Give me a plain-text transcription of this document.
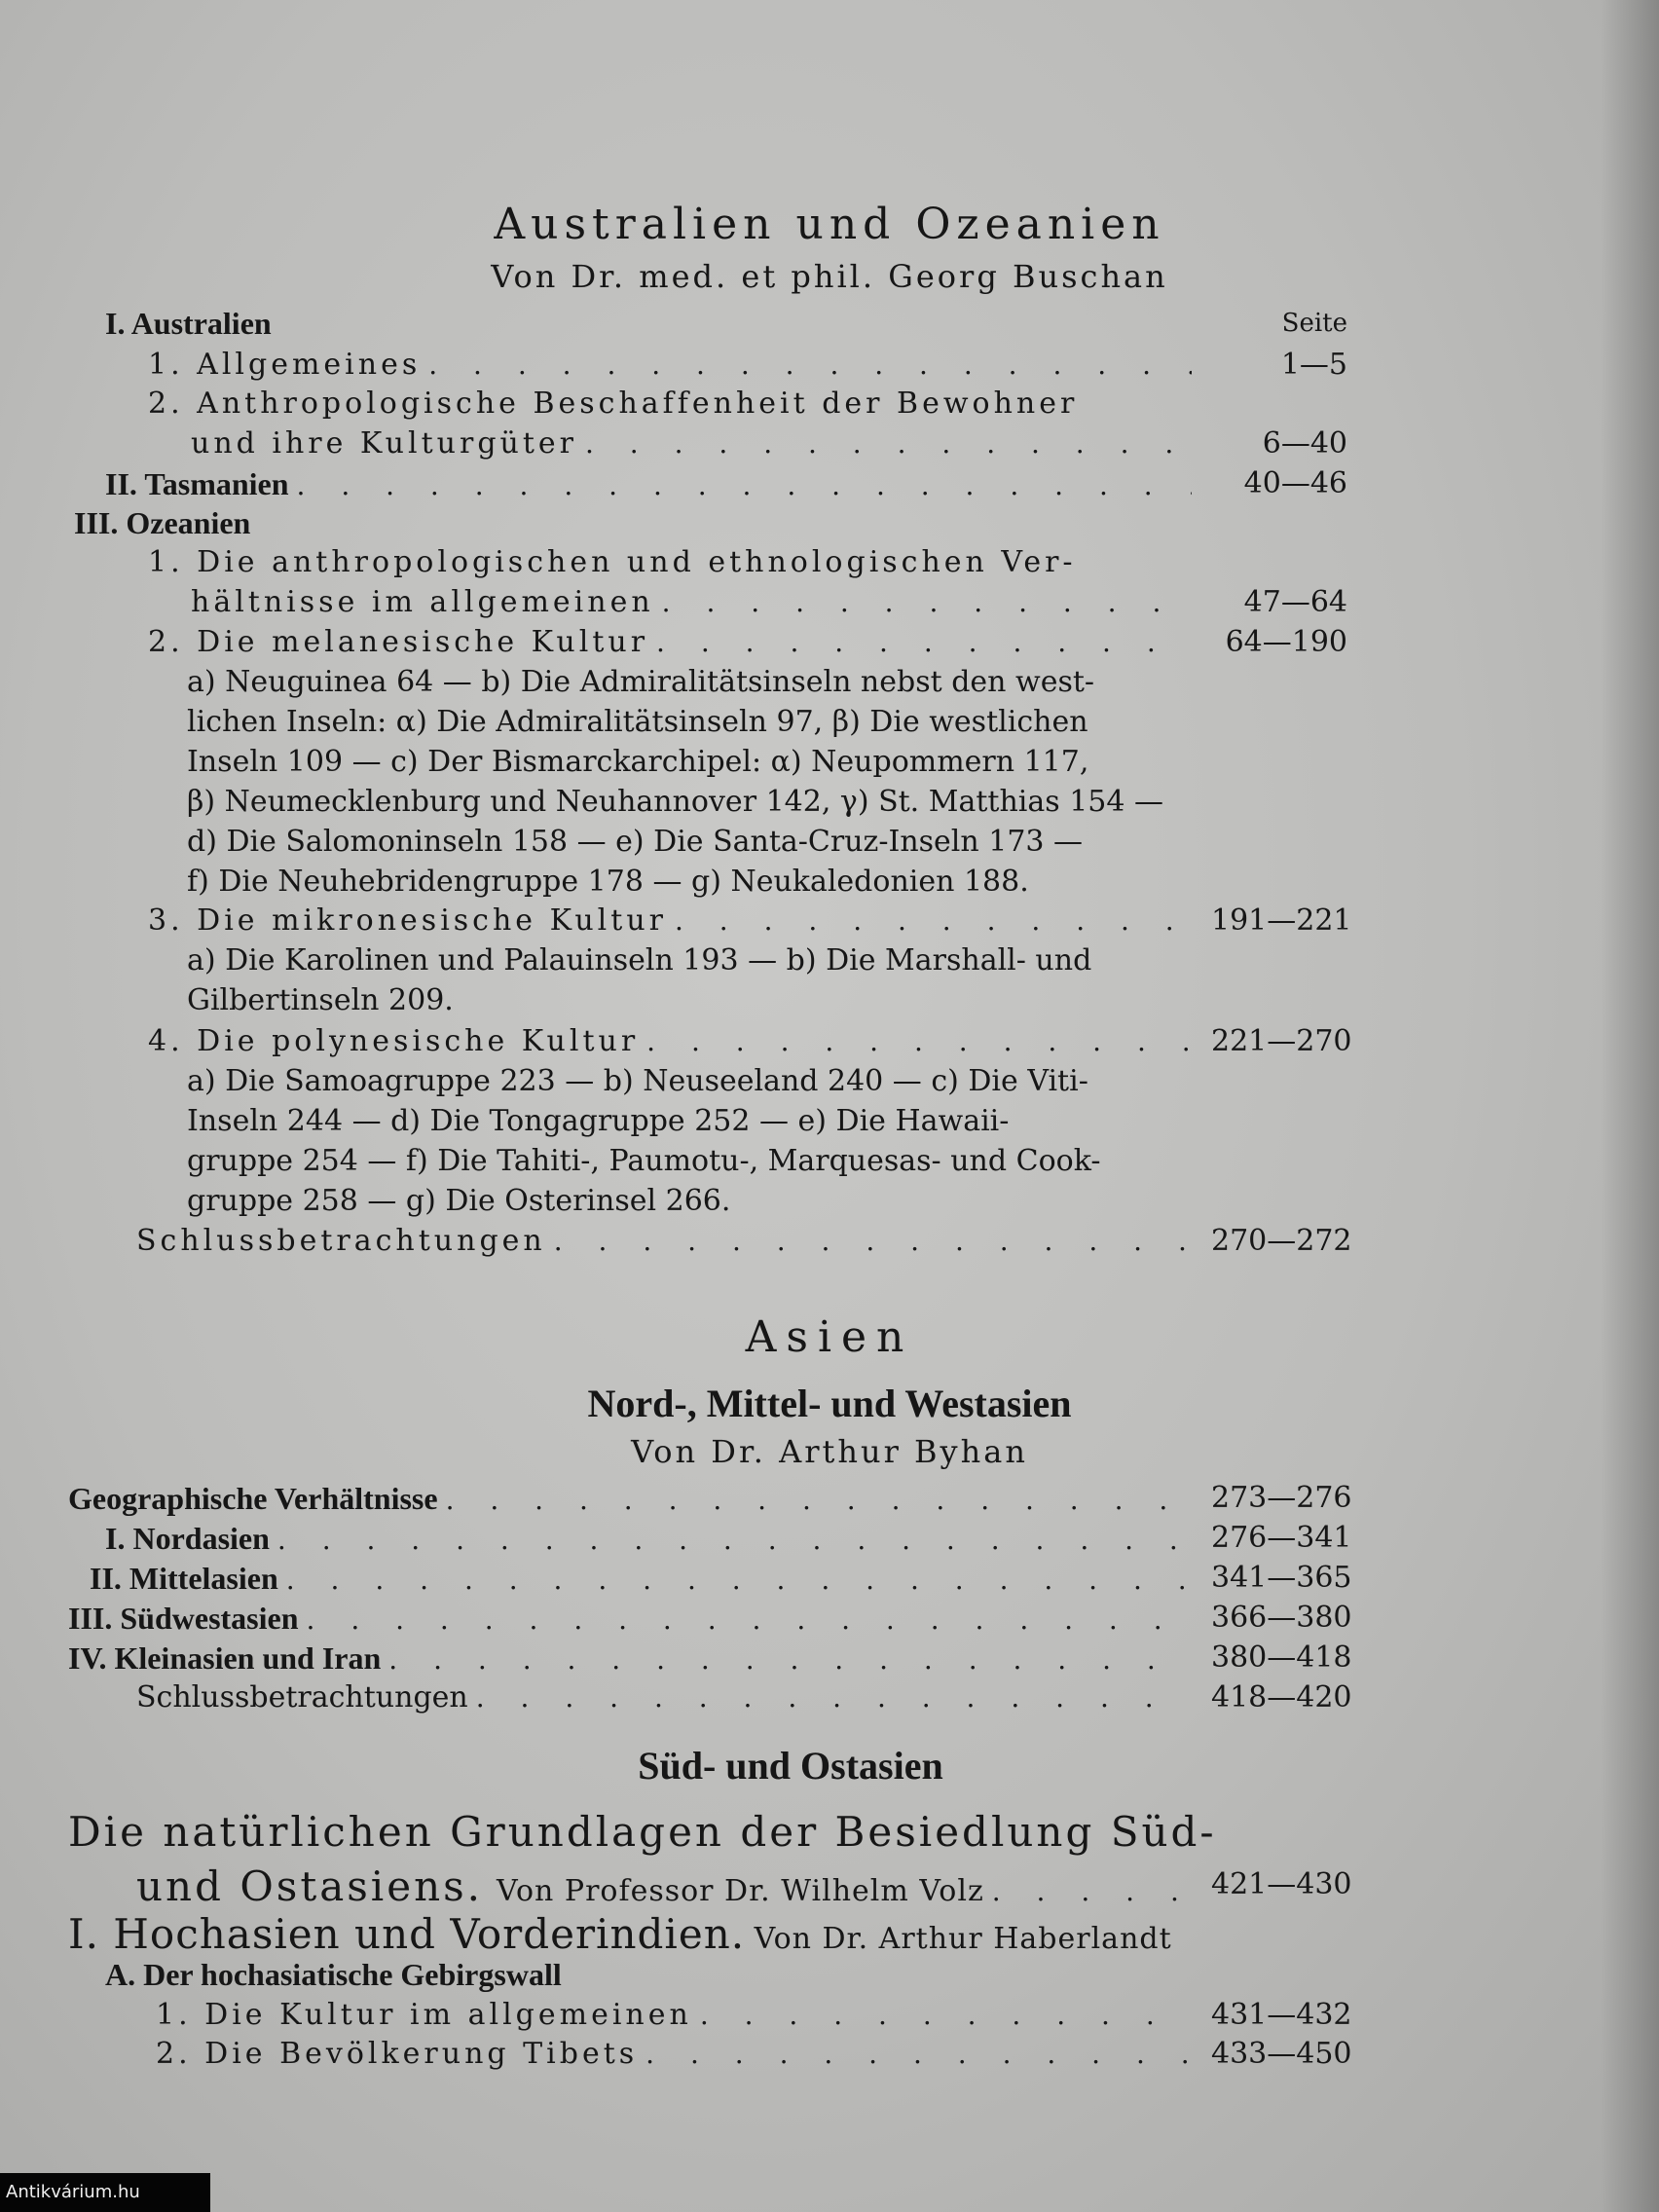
Australien und Ozeanien
Von Dr. med. et phil. Georg Buschan
I. Australien	Seite
1. Allgemeines . . .	1—5
2. Anthropologische Beschaffenheit der Bewohner
und ihre Kulturgüter . . .	6—40
II. Tasmanien . . .	40—46
III. Ozeanien
1. Die anthropologischen und ethnologischen Ver-
hältnisse im allgemeinen . . .	47—64
2. Die melanesische Kultur . . .	64—190
a) Neuguinea 64 — b) Die Admiralitätsinseln nebst den west-
lichen Inseln: α) Die Admiralitätsinseln 97, β) Die westlichen
Inseln 109 — c) Der Bismarckarchipel: α) Neupommern 117,
β) Neumecklenburg und Neuhannover 142, γ) St. Matthias 154 —
d) Die Salomoninseln 158 — e) Die Santa-Cruz-Inseln 173 —
f) Die Neuhebridengruppe 178 — g) Neukaledonien 188.
3. Die mikronesische Kultur . . .	191—221
a) Die Karolinen und Palauinseln 193 — b) Die Marshall- und
Gilbertinseln 209.
4. Die polynesische Kultur . . .	221—270
a) Die Samoagruppe 223 — b) Neuseeland 240 — c) Die Viti-
Inseln 244 — d) Die Tongagruppe 252 — e) Die Hawaii-
gruppe 254 — f) Die Tahiti-, Paumotu-, Marquesas- und Cook-
gruppe 258 — g) Die Osterinsel 266.
Schlussbetrachtungen . . .	270—272
Asien
Nord-, Mittel- und Westasien
Von Dr. Arthur Byhan
Geographische Verhältnisse . . .	273—276
I. Nordasien . . .	276—341
II. Mittelasien . . .	341—365
III. Südwestasien . . .	366—380
IV. Kleinasien und Iran . . .	380—418
Schlussbetrachtungen . . .	418—420
Süd- und Ostasien
Die natürlichen Grundlagen der Besiedlung Süd-
und Ostasiens. Von Professor Dr. Wilhelm Volz . . .	421—430
I. Hochasien und Vorderindien. Von Dr. Arthur Haberlandt
A. Der hochasiatische Gebirgswall
1. Die Kultur im allgemeinen . . .	431—432
2. Die Bevölkerung Tibets . . .	433—450
Antikvárium.hu
